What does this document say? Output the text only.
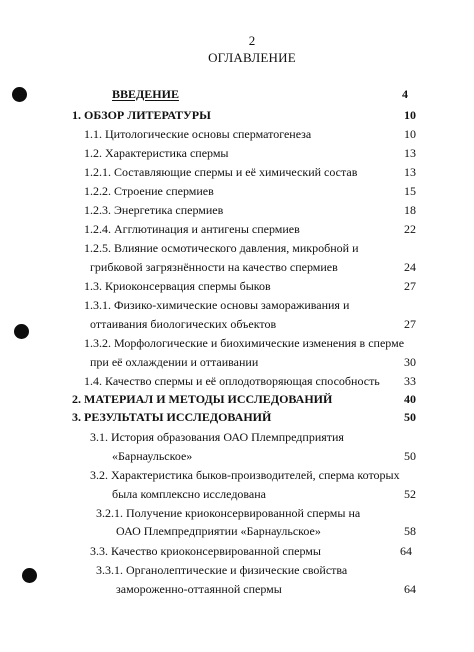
2
ОГЛАВЛЕНИЕ
ВВЕДЕНИЕ	4
1. ОБЗОР ЛИТЕРАТУРЫ	10
1.1. Цитологические основы сперматогенеза	10
1.2. Характеристика спермы	13
1.2.1. Составляющие спермы и её химический состав	13
1.2.2. Строение спермиев	15
1.2.3. Энергетика спермиев	18
1.2.4. Агглютинация и антигены спермиев	22
1.2.5. Влияние осмотического давления, микробной и
грибковой загрязнённости на качество спермиев	24
1.3. Криоконсервация спермы быков	27
1.3.1. Физико-химические основы замораживания и
оттаивания биологических объектов	27
1.3.2. Морфологические и биохимические изменения в сперме
при её охлаждении и оттаивании	30
1.4. Качество спермы и её оплодотворяющая способность 33
2. МАТЕРИАЛ И МЕТОДЫ ИССЛЕДОВАНИЙ	40
3. РЕЗУЛЬТАТЫ ИССЛЕДОВАНИЙ	50
3.1. История образования ОАО Племпредприятия
«Барнаульское»	50
3.2. Характеристика быков-производителей, сперма которых
была комплексно исследована	52
3.2.1. Получение криоконсервированной спермы на
ОАО Племпредприятии «Барнаульское»	58
3.3. Качество криоконсервированной спермы	64
3.3.1. Органолептические и физические свойства
замороженно-оттаянной спермы	64
